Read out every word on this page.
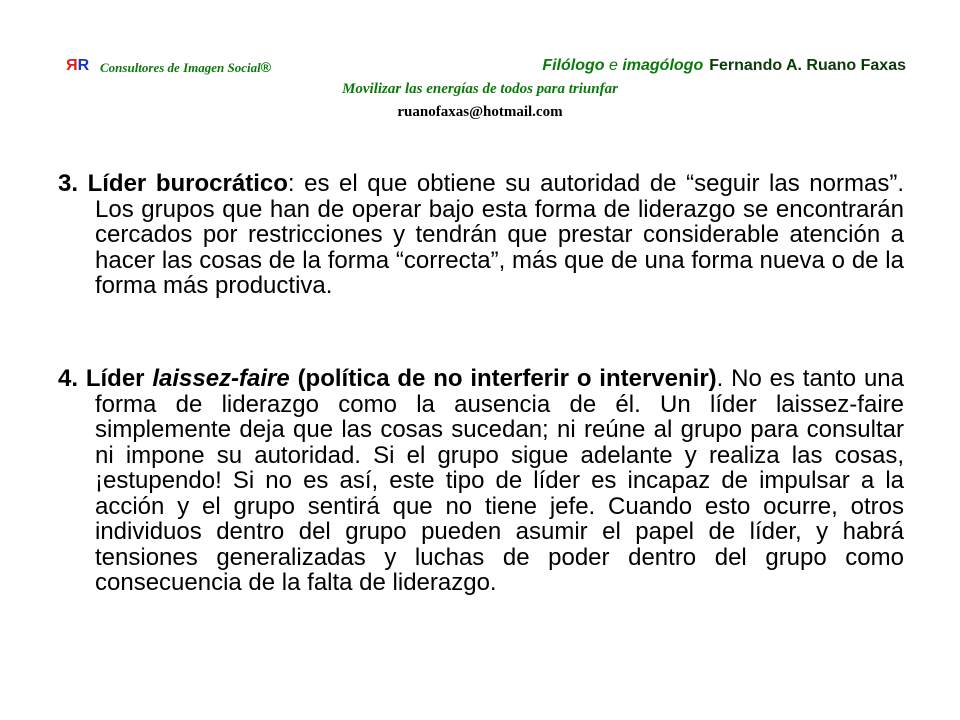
RR Consultores de Imagen Social®	Filólogo e imagólogo Fernando A. Ruano Faxas
Movilizar las energías de todos para triunfar
ruanofaxas@hotmail.com

3. Líder burocrático: es el que obtiene su autoridad de “seguir las normas”. Los grupos que han de operar bajo esta forma de liderazgo se encontrarán cercados por restricciones y tendrán que prestar considerable atención a hacer las cosas de la forma “correcta”, más que de una forma nueva o de la forma más productiva.

4. Líder laissez-faire (política de no interferir o intervenir). No es tanto una forma de liderazgo como la ausencia de él. Un líder laissez-faire simplemente deja que las cosas sucedan; ni reúne al grupo para consultar ni impone su autoridad. Si el grupo sigue adelante y realiza las cosas, ¡estupendo! Si no es así, este tipo de líder es incapaz de impulsar a la acción y el grupo sentirá que no tiene jefe. Cuando esto ocurre, otros individuos dentro del grupo pueden asumir el papel de líder, y habrá tensiones generalizadas y luchas de poder dentro del grupo como consecuencia de la falta de liderazgo.
